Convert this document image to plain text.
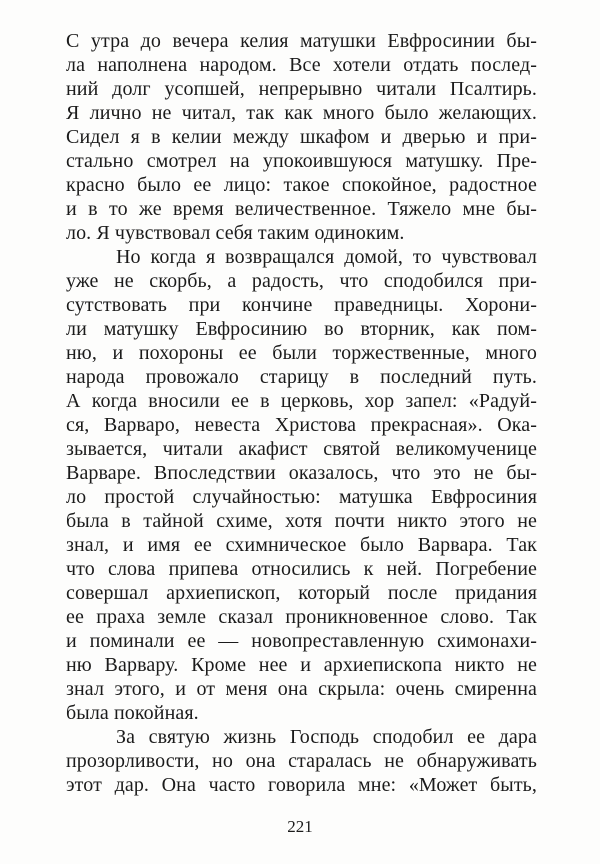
С утра до вечера келия матушки Евфросинии бы-
ла наполнена народом. Все хотели отдать послед-
ний долг усопшей, непрерывно читали Псалтирь.
Я лично не читал, так как много было желающих.
Сидел я в келии между шкафом и дверью и при-
стально смотрел на упокоившуюся матушку. Пре-
красно было ее лицо: такое спокойное, радостное
и в то же время величественное. Тяжело мне бы-
ло. Я чувствовал себя таким одиноким.
Но когда я возвращался домой, то чувствовал
уже не скорбь, а радость, что сподобился при-
сутствовать при кончине праведницы. Хорони-
ли матушку Евфросинию во вторник, как пом-
ню, и похороны ее были торжественные, много
народа провожало старицу в последний путь.
А когда вносили ее в церковь, хор запел: «Радуй-
ся, Варваро, невеста Христова прекрасная». Ока-
зывается, читали акафист святой великомученице
Варваре. Впоследствии оказалось, что это не бы-
ло простой случайностью: матушка Евфросиния
была в тайной схиме, хотя почти никто этого не
знал, и имя ее схимническое было Варвара. Так
что слова припева относились к ней. Погребение
совершал архиепископ, который после придания
ее праха земле сказал проникновенное слово. Так
и поминали ее — новопреставленную схимонахи-
ню Варвару. Кроме нее и архиепископа никто не
знал этого, и от меня она скрыла: очень смиренна
была покойная.
За святую жизнь Господь сподобил ее дара
прозорливости, но она старалась не обнаруживать
этот дар. Она часто говорила мне: «Может быть,
221
